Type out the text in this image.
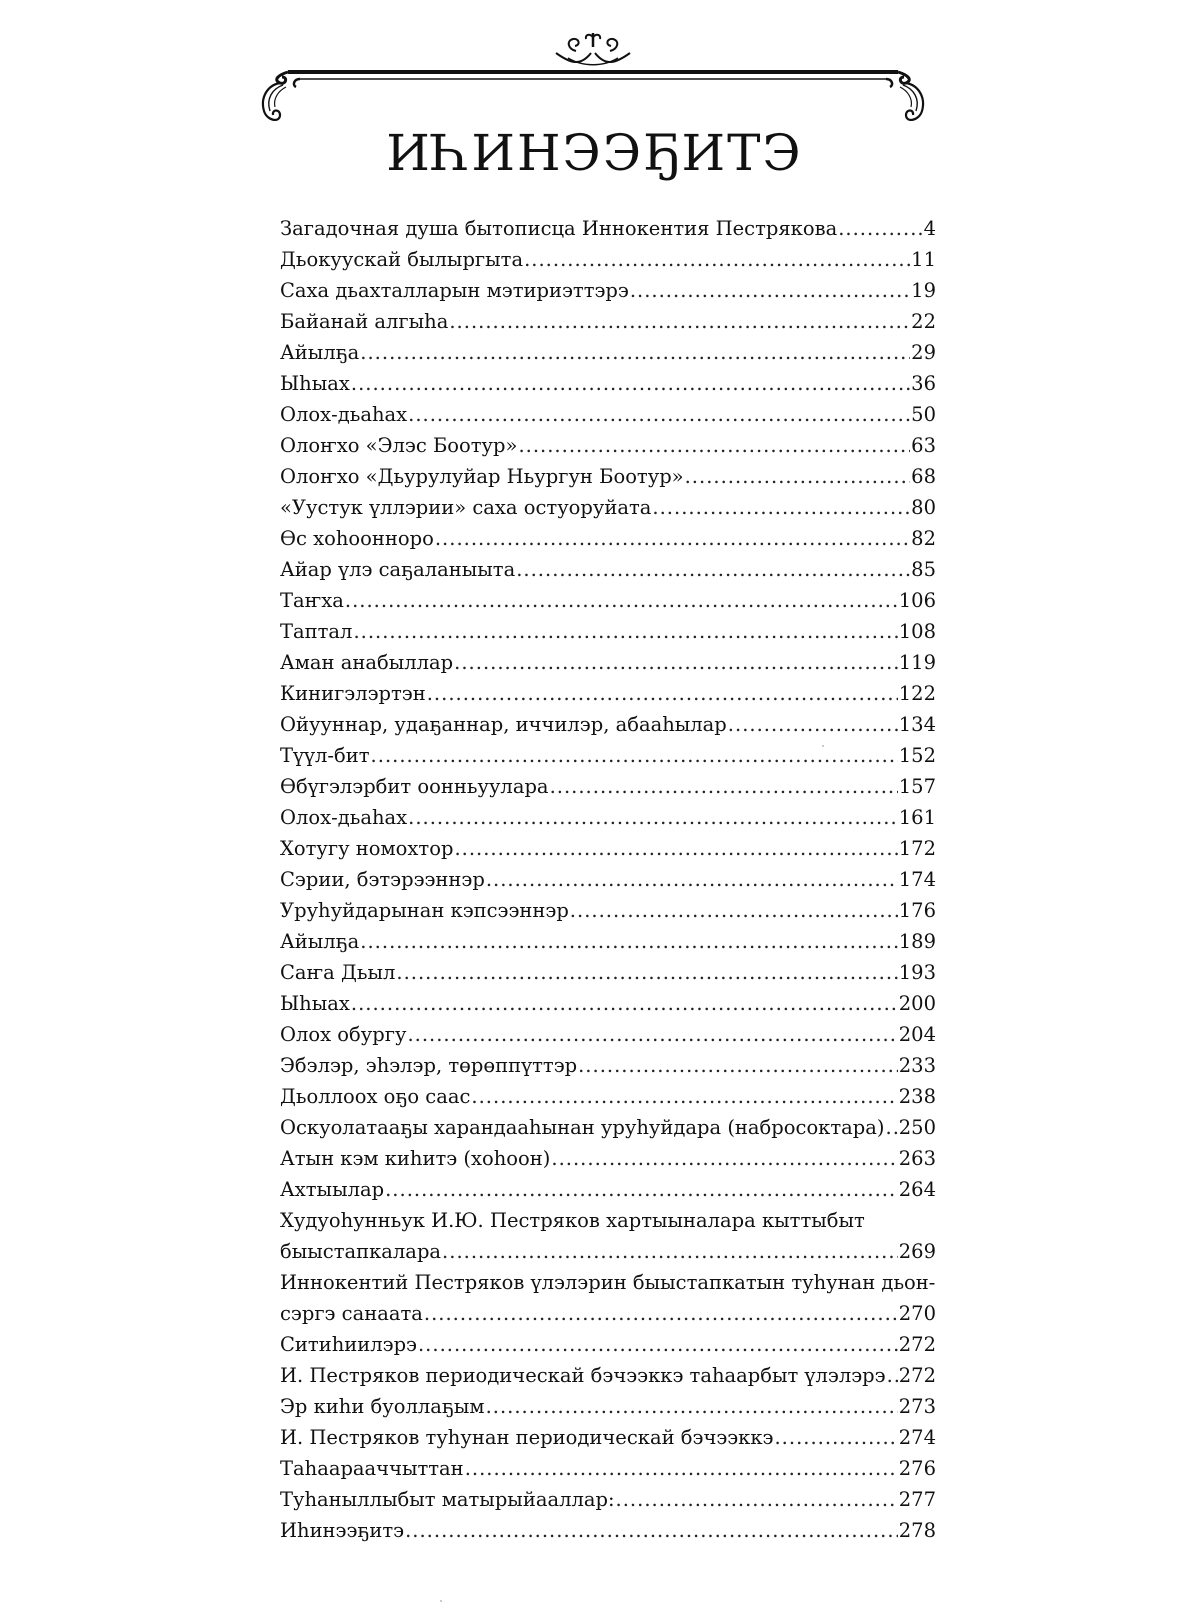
ИҺИНЭЭҔИТЭ
Загадочная душа бытописца Иннокентия Пестрякова .....	4
Дьокуускай былыргыта .....	11
Саха дьахталларын мэтириэттэрэ .....	19
Байанай алгыһа .....	22
Айылҕа .....	29
Ыһыах .....	36
Олох-дьаһах .....	50
Олоҥхо «Элэс Боотур» .....	63
Олоҥхо «Дьурулуйар Ньургун Боотур» .....	68
«Уустук үллэрии» саха остуоруйата .....	80
Өс хоһооннoро .....	82
Айар үлэ саҕаланыыта .....	85
Таҥха .....	106
Таптал .....	108
Аман анабыллар .....	119
Кинигэлэртэн .....	122
Ойууннар, удаҕаннар, иччилэр, абааһылар .....	134
Түүл-бит .....	152
Өбүгэлэрбит оонньуулара .....	157
Олох-дьаһах .....	161
Хотугу номохтор .....	172
Сэрии, бэтэрээннэр .....	174
Уруһуйдарынан кэпсээннэр .....	176
Айылҕа .....	189
Саҥа Дьыл .....	193
Ыһыах .....	200
Олох обургу .....	204
Эбэлэр, эһэлэр, төрөппүттэр .....	233
Дьоллоох оҕо саас .....	238
Оскуолатааҕы харандааһынан уруһуйдара (набросоктара) ..... 250
Атын кэм киһитэ (хоһоон) .....	263
Ахтыылар .....	264
Худуоһунньук И.Ю. Пестряков хартыыналара кыттыбыт
быыстапкалара .....	269
Иннокентий Пестряков үлэлэрин быыстапкатын туһунан дьон-
сэргэ санаата .....	270
Ситиһиилэрэ .....	272
И. Пестряков периодическай бэчээккэ таһаарбыт үлэлэрэ ..... 272
Эр киһи буоллаҕым .....	273
И. Пестряков туһунан периодическай бэчээккэ .....	274
Таһаарааччыттан .....	276
Туһаныллыбыт матырыйааллар: .....	277
Иһинээҕитэ .....	278
